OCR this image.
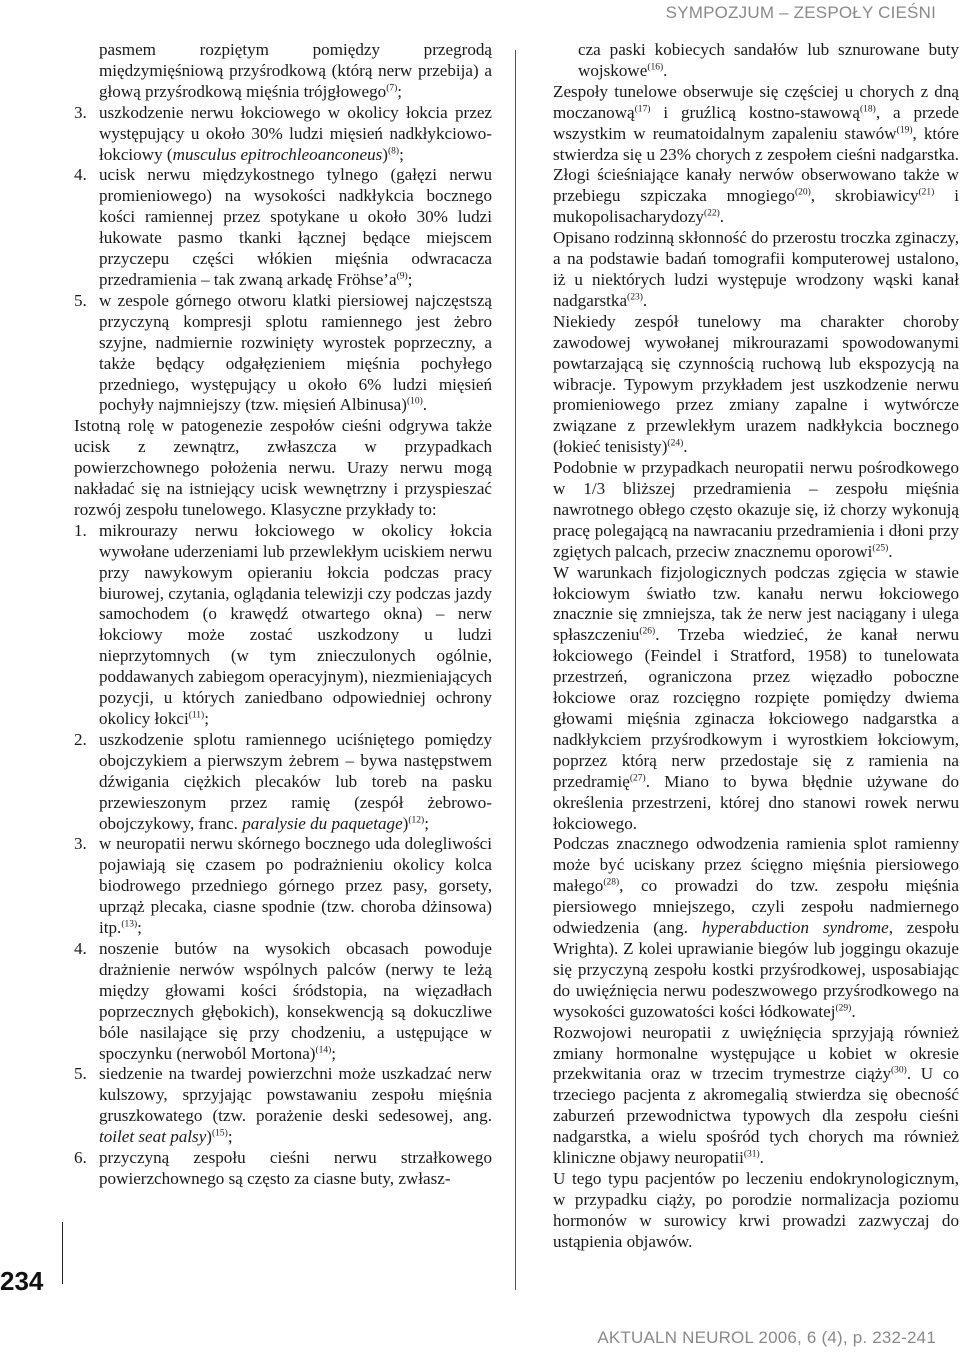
SYMPOZJUM – ZESPOŁY CIEŚNI
234

pasmem rozpiętym pomiędzy przegrodą międzymięśniową przyśrodkową (którą nerw przebija) a głową przyśrodkową mięśnia trójgłowego$^{(7)}$;

3. uszkodzenie nerwu łokciowego w okolicy łokcia przez występujący u około 30% ludzi mięsień nadkłykciowo-łokciowy (musculus epitrochleoanconeus)$^{(8)}$;

4. ucisk nerwu międzykostnego tylnego (gałęzi nerwu promieniowego) na wysokości nadkłykcia bocznego kości ramiennej przez spotykane u około 30% ludzi łukowate pasmo tkanki łącznej będące miejscem przyczepu części włókien mięśnia odwracacza przedramienia – tak zwaną arkadę $Fröhse’a^{(9)}$;

5. w zespole górnego otworu klatki piersiowej najczęstszą przyczyną kompresji splotu ramiennego jest żebro szyjne, nadmiernie rozwinięty wyrostek poprzeczny, a także będący odgałęzieniem mięśnia pochyłego przedniego, występujący u około 6% ludzi mięsień pochyły najmniejszy (tzw. mięsień Albinusa)$^{(10)}$.

Istotną rolę w patogenezie zespołów cieśni odgrywa także ucisk z zewnątrz, zwłaszcza w przypadkach powierzchownego położenia nerwu. Urazy nerwu mogą nakładać się na istniejący ucisk wewnętrzny i przyspieszać rozwój zespołu tunelowego. Klasyczne przykłady to:

1. mikrourazy nerwu łokciowego w okolicy łokcia wywołane uderzeniami lub przewlekłym uciskiem nerwu przy nawykowym opieraniu łokcia podczas pracy biurowej, czytania, oglądania telewizji czy podczas jazdy samochodem (o krawędź otwartego okna) – nerw łokciowy może zostać uszkodzony u ludzi nieprzytomnych (w tym znieczulonych ogólnie, poddawanych zabiegom operacyjnym), niezmieniających pozycji, u których zaniedbano odpowiedniej ochrony okolicy łokci$^{(11)}$;

2. uszkodzenie splotu ramiennego uciśniętego pomiędzy obojczykiem a pierwszym żebrem – bywa następstwem dźwigania ciężkich plecaków lub toreb na pasku przewieszonym przez ramię (zespół żebrowo-obojczykowy, franc. paralysie du paquetage)$^{(12)}$;

3. w neuropatii nerwu skórnego bocznego uda dolegliwości pojawiają się czasem po podrażnieniu okolicy kolca biodrowego przedniego górnego przez pasy, gorsety, uprząż plecaka, ciasne spodnie (tzw. choroba dżinsowa) itp.$^{(13)}$;

4. noszenie butów na wysokich obcasach powoduje drażnienie nerwów wspólnych palców (nerwy te leżą między głowami kości śródstopia, na więzadłach poprzecznych głębokich), konsekwencją są dokuczliwe bóle nasilające się przy chodzeniu, a ustępujące w spoczynku (nerwoból Mortona)$^{(14)}$;

5. siedzenie na twardej powierzchni może uszkadzać nerw kulszowy, sprzyjając powstawaniu zespołu mięśnia gruszkowatego (tzw. porażenie deski sedesowej, ang. toilet seat palsy)$^{(15)}$;

6. przyczyną zespołu cieśni nerwu strzałkowego powierzchownego są często za ciasne buty, zwłasz-

cza paski kobiecych sandałów lub sznurowane buty wojskowe$^{(16)}$.

Zespoły tunelowe obserwuje się częściej u chorych z dną moczanową$^{(17)}$ i gruźlicą kostno-stawową$^{(18)}$, a przede wszystkim w reumatoidalnym zapaleniu stawów$^{(19)}$, które stwierdza się u 23% chorych z zespołem cieśni nadgarstka. Złogi ścieśniające kanały nerwów obserwowano także w przebiegu szpiczaka mnogiego$^{(20)}$, skrobiawicy$^{(21)}$ i mukopolisacharydozy$^{(22)}$.

Opisano rodzinną skłonność do przerostu troczka zginaczy, a na podstawie badań tomografii komputerowej ustalono, iż u niektórych ludzi występuje wrodzony wąski kanał nadgarstka$^{(23)}$.

Niekiedy zespół tunelowy ma charakter choroby zawodowej wywołanej mikrourazami spowodowanymi powtarzającą się czynnością ruchową lub ekspozycją na wibracje. Typowym przykładem jest uszkodzenie nerwu promieniowego przez zmiany zapalne i wytwórcze związane z przewlekłym urazem nadkłykcia bocznego (łokieć tenisisty)$^{(24)}$.

Podobnie w przypadkach neuropatii nerwu pośrodkowego w 1/3 bliższej przedramienia – zespołu mięśnia nawrotnego obłego często okazuje się, iż chorzy wykonują pracę polegającą na nawracaniu przedramienia i dłoni przy zgiętych palcach, przeciw znacznemu oporowi$^{(25)}$.

W warunkach fizjologicznych podczas zgięcia w stawie łokciowym światło tzw. kanału nerwu łokciowego znacznie się zmniejsza, tak że nerw jest naciągany i ulega spłaszczeniu$^{(26)}$. Trzeba wiedzieć, że kanał nerwu łokciowego (Feindel i Stratford, 1958) to tunelowata przestrzeń, ograniczona przez więzadło poboczne łokciowe oraz rozcięgno rozpięte pomiędzy dwiema głowami mięśnia zginacza łokciowego nadgarstka a nadkłykciem przyśrodkowym i wyrostkiem łokciowym, poprzez którą nerw przedostaje się z ramienia na przedramię$^{(27)}$. Miano to bywa błędnie używane do określenia przestrzeni, której dno stanowi rowek nerwu łokciowego.

Podczas znacznego odwodzenia ramienia splot ramienny może być uciskany przez ścięgno mięśnia piersiowego małego$^{(28)}$, co prowadzi do tzw. zespołu mięśnia piersiowego mniejszego, czyli zespołu nadmiernego odwiedzenia (ang. hyperabduction syndrome, zespołu Wrighta). Z kolei uprawianie biegów lub joggingu okazuje się przyczyną zespołu kostki przyśrodkowej, usposabiając do uwięźnięcia nerwu podeszwowego przyśrodkowego na wysokości guzowatości kości łódkowatej$^{(29)}$.

Rozwojowi neuropatii z uwięźnięcia sprzyjają również zmiany hormonalne występujące u kobiet w okresie przekwitania oraz w trzecim trymestrze ciąży$^{(30)}$. U co trzeciego pacjenta z akromegalią stwierdza się obecność zaburzeń przewodnictwa typowych dla zespołu cieśni nadgarstka, a wielu spośród tych chorych ma również kliniczne objawy neuropatii$^{(31)}$.

U tego typu pacjentów po leczeniu endokrynologicznym, w przypadku ciąży, po porodzie normalizacja poziomu hormonów w surowicy krwi prowadzi zazwyczaj do ustąpienia objawów.

AKTUALN NEUROL 2006, 6 (4), p. 232-241
